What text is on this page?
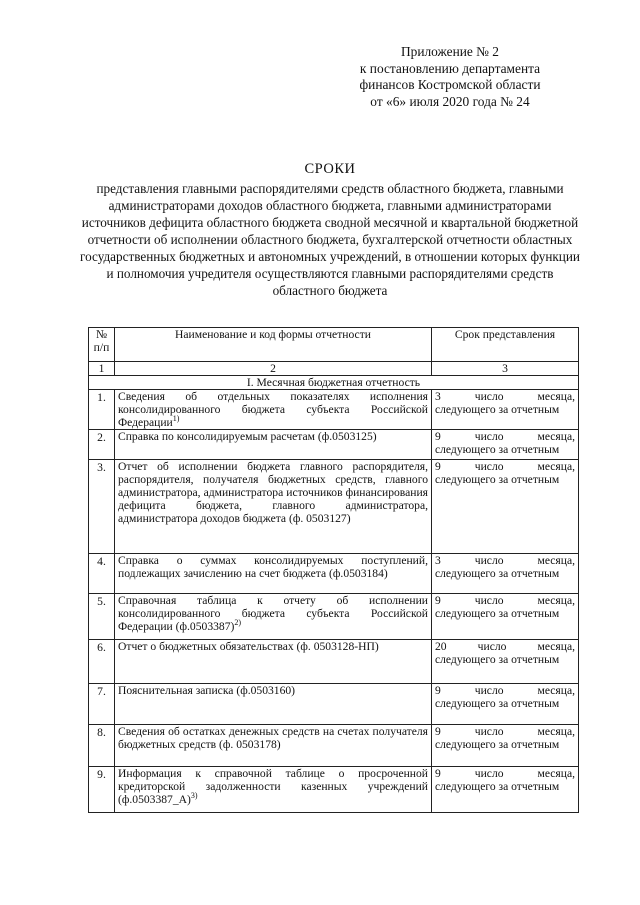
Приложение № 2
к постановлению департамента
финансов Костромской области
от «6» июля 2020 года № 24
СРОКИ
представления главными распорядителями средств областного бюджета, главными администраторами доходов областного бюджета, главными администраторами источников дефицита областного бюджета сводной месячной и квартальной бюджетной отчетности об исполнении областного бюджета, бухгалтерской отчетности областных государственных бюджетных и автономных учреждений, в отношении которых функции и полномочия учредителя осуществляются главными распорядителями средств областного бюджета
№ п/п	Наименование и код формы отчетности	Срок представления
1	2	3
I. Месячная бюджетная отчетность		
1.	Сведения об отдельных показателях исполнения консолидированного бюджета субъекта Российской Федерации$^{1)}$	3 число месяца, следующего за отчетным
2.	Справка по консолидируемым расчетам (ф.0503125)	9 число месяца, следующего за отчетным
3.	Отчет об исполнении бюджета главного распорядителя, распорядителя, получателя бюджетных средств, главного администратора, администратора источников финансирования дефицита бюджета, главного администратора, администратора доходов бюджета (ф. 0503127)	9 число месяца, следующего за отчетным
4.	Справка о суммах консолидируемых поступлений, подлежащих зачислению на счет бюджета (ф.0503184)	3 число месяца, следующего за отчетным
5.	Справочная таблица к отчету об исполнении консолидированного бюджета субъекта Российской Федерации $(ф.0503387)^{2)}$	9 число месяца, следующего за отчетным
6.	Отчет о бюджетных обязательствах (ф. 0503128-НП)	20 число месяца, следующего за отчетным
7.	Пояснительная записка (ф.0503160)	9 число месяца, следующего за отчетным
8.	Сведения об остатках денежных средств на счетах получателя бюджетных средств (ф. 0503178)	9 число месяца, следующего за отчетным
9.	Информация к справочной таблице о просроченной кредиторской задолженности казенных учреждений (ф.0503387_А)$^{3)}$	9 число месяца, следующего за отчетным
